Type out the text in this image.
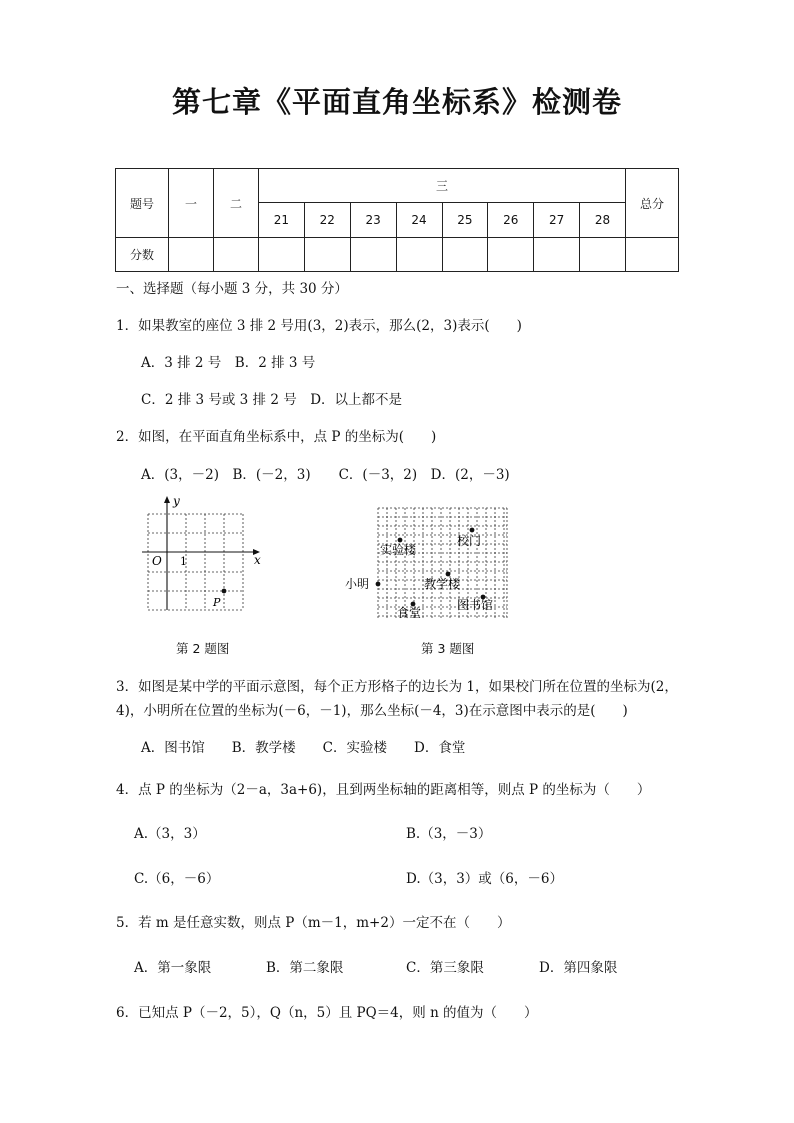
第七章《平面直角坐标系》检测卷
题号	一	二	三								总分
			21	22	23	24	25	26	27	28	
分数											
一、选择题（每小题 3 分，共 30 分）
1．如果教室的座位 3 排 2 号用(3，2)表示，那么(2，3)表示(　　)
A．3 排 2 号　B．2 排 3 号
C．2 排 3 号或 3 排 2 号　D．以上都不是
2．如图，在平面直角坐标系中，点 P 的坐标为(　　)
A．(3，－2)　B．(－2，3) C．(－3，2)　D．(2，－3)
y
x
O 1
P
第 2 题图
校门
实验楼
小明	教学楼
食堂
图书馆
第 3 题图
3．如图是某中学的平面示意图，每个正方形格子的边长为 1，如果校门所在位置的坐标为(2，
4)，小明所在位置的坐标为(－6，－1)，那么坐标(－4，3)在示意图中表示的是(　　)
A．图书馆　　B．教学楼　　C．实验楼　　D．食堂
4．点 P 的坐标为（2－a，3a+6)，且到两坐标轴的距离相等，则点 P 的坐标为（　　）
A.（3，3）	B.（3，－3）
C.（6，－6）	D.（3，3）或（6，－6）
5．若 m 是任意实数，则点 P（m－1，m+2）一定不在（　　）
A．第一象限	B．第二象限	C．第三象限	D．第四象限
6．已知点 P（－2，5），Q（n，5）且 PQ＝4，则 n 的值为（　　）
